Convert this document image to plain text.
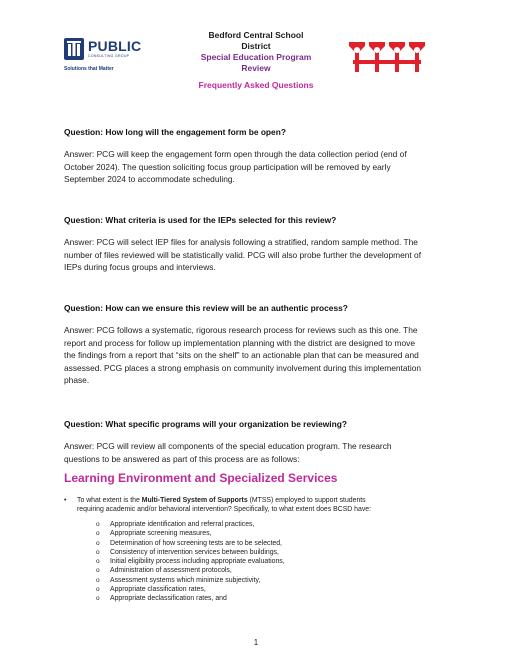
PUBLIC
CONSULTING GROUP
Solutions that Matter
Bedford Central School
District
Special Education Program
Review
Frequently Asked Questions
Question: How long will the engagement form be open?
Answer: PCG will keep the engagement form open through the data collection period (end of
October 2024). The question soliciting focus group participation will be removed by early
September 2024 to accommodate scheduling.
Question: What criteria is used for the IEPs selected for this review?
Answer: PCG will select IEP files for analysis following a stratified, random sample method. The
number of files reviewed will be statistically valid. PCG will also probe further the development of
IEPs during focus groups and interviews.
Question: How can we ensure this review will be an authentic process?
Answer: PCG follows a systematic, rigorous research process for reviews such as this one. The
report and process for follow up implementation planning with the district are designed to move
the findings from a report that “sits on the shelf” to an actionable plan that can be measured and
assessed. PCG places a strong emphasis on community involvement during this implementation
phase.
Question: What specific programs will your organization be reviewing?
Answer: PCG will review all components of the special education program. The research
questions to be answered as part of this process are as follows:
Learning Environment and Specialized Services
• To what extent is the Multi-Tiered System of Supports (MTSS) employed to support students
requiring academic and/or behavioral intervention? Specifically, to what extent does BCSD have:
o Appropriate identification and referral practices,
o Appropriate screening measures,
o Determination of how screening tests are to be selected,
o Consistency of intervention services between buildings,
o Initial eligibility process including appropriate evaluations,
o Administration of assessment protocols,
o Assessment systems which minimize subjectivity,
o Appropriate classification rates,
o Appropriate declassification rates, and
1
